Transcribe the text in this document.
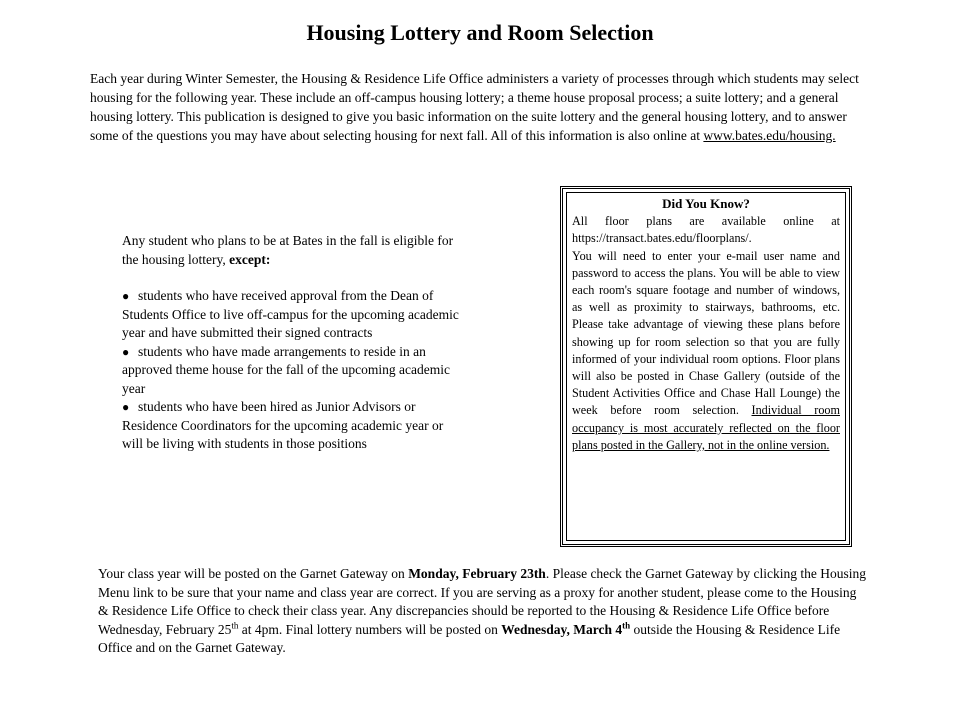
Housing Lottery and Room Selection
Each year during Winter Semester, the Housing & Residence Life Office administers a variety of processes through which students may select housing for the following year. These include an off-campus housing lottery; a theme house proposal process; a suite lottery; and a general housing lottery. This publication is designed to give you basic information on the suite lottery and the general housing lottery, and to answer some of the questions you may have about selecting housing for next fall. All of this information is also online at www.bates.edu/housing.

Any student who plans to be at Bates in the fall is eligible for the housing lottery, except:

● students who have received approval from the Dean of Students Office to live off-campus for the upcoming academic year and have submitted their signed contracts

● students who have made arrangements to reside in an approved theme house for the fall of the upcoming academic year

● students who have been hired as Junior Advisors or Residence Coordinators for the upcoming academic year or will be living with students in those positions

Did You Know?

All floor plans are available online at https://transact.bates.edu/floorplans/.

You will need to enter your e-mail user name and password to access the plans. You will be able to view each room's square footage and number of windows, as well as proximity to stairways, bathrooms, etc. Please take advantage of viewing these plans before showing up for room selection so that you are fully informed of your individual room options. Floor plans will also be posted in Chase Gallery (outside of the Student Activities Office and Chase Hall Lounge) the week before room selection. Individual room occupancy is most accurately reflected on the floor plans posted in the Gallery, not in the online version.

Your class year will be posted on the Garnet Gateway on Monday, February 23th. Please check the Garnet Gateway by clicking the Housing Menu link to be sure that your name and class year are correct. If you are serving as a proxy for another student, please come to the Housing & Residence Life Office to check their class year. Any discrepancies should be reported to the Housing & Residence Life Office before Wednesday, February 25th at 4pm. Final lottery numbers will be posted on Wednesday, March 4th outside the Housing & Residence Life Office and on the Garnet Gateway.
